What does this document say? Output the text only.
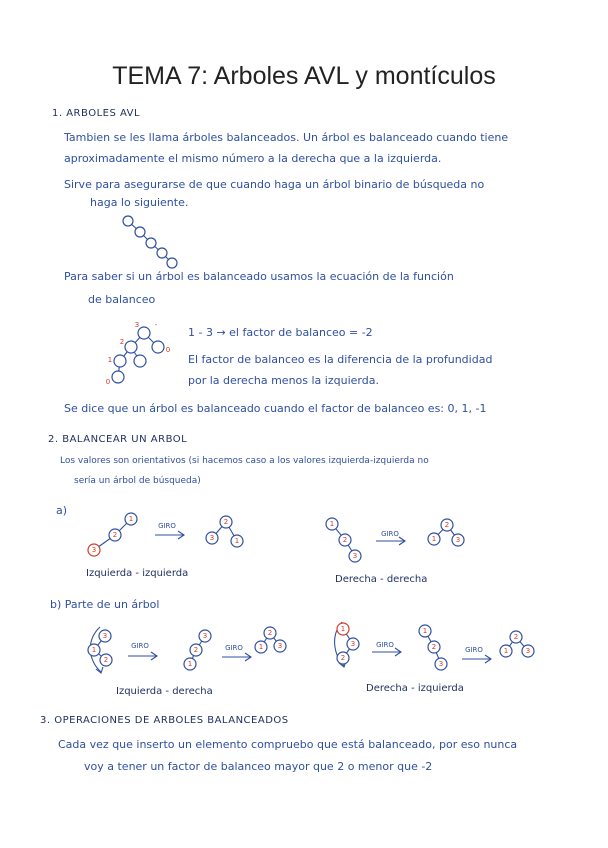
TEMA 7: Arboles AVL y montículos
1. ARBOLES AVL
Tambien se les llama árboles balanceados. Un árbol es balanceado cuando tiene
aproximadamente el mismo número a la derecha que a la izquierda.
Sirve para asegurarse de que cuando haga un árbol binario de búsqueda no
haga lo siguiente.
Para saber si un árbol es balanceado usamos la ecuación de la función
de balanceo
1 - 3 → el factor de balanceo = -2
El factor de balanceo es la diferencia de la profundidad
por la derecha menos la izquierda.
Se dice que un árbol es balanceado cuando el factor de balanceo es: 0, 1, -1
2. BALANCEAR UN ARBOL
Los valores son orientativos (si hacemos caso a los valores izquierda-izquierda no
sería un árbol de búsqueda)
a)
Izquierda - izquierda
Derecha - derecha
b) Parte de un árbol
Izquierda - derecha	Derecha - izquierda
3. OPERACIONES DE ARBOLES BALANCEADOS
Cada vez que inserto un elemento compruebo que está balanceado, por eso nunca
voy a tener un factor de balanceo mayor que 2 o menor que -2
3 -
2
0
1
0
1
2
3
GIRO	2
3	1
1
2
3
GIRO
2
1	3
3
1
2
GIRO
3
2
1
GIRO
2
1 3
1
3
2
GIRO
1
2
3
GIRO
2
1	3
